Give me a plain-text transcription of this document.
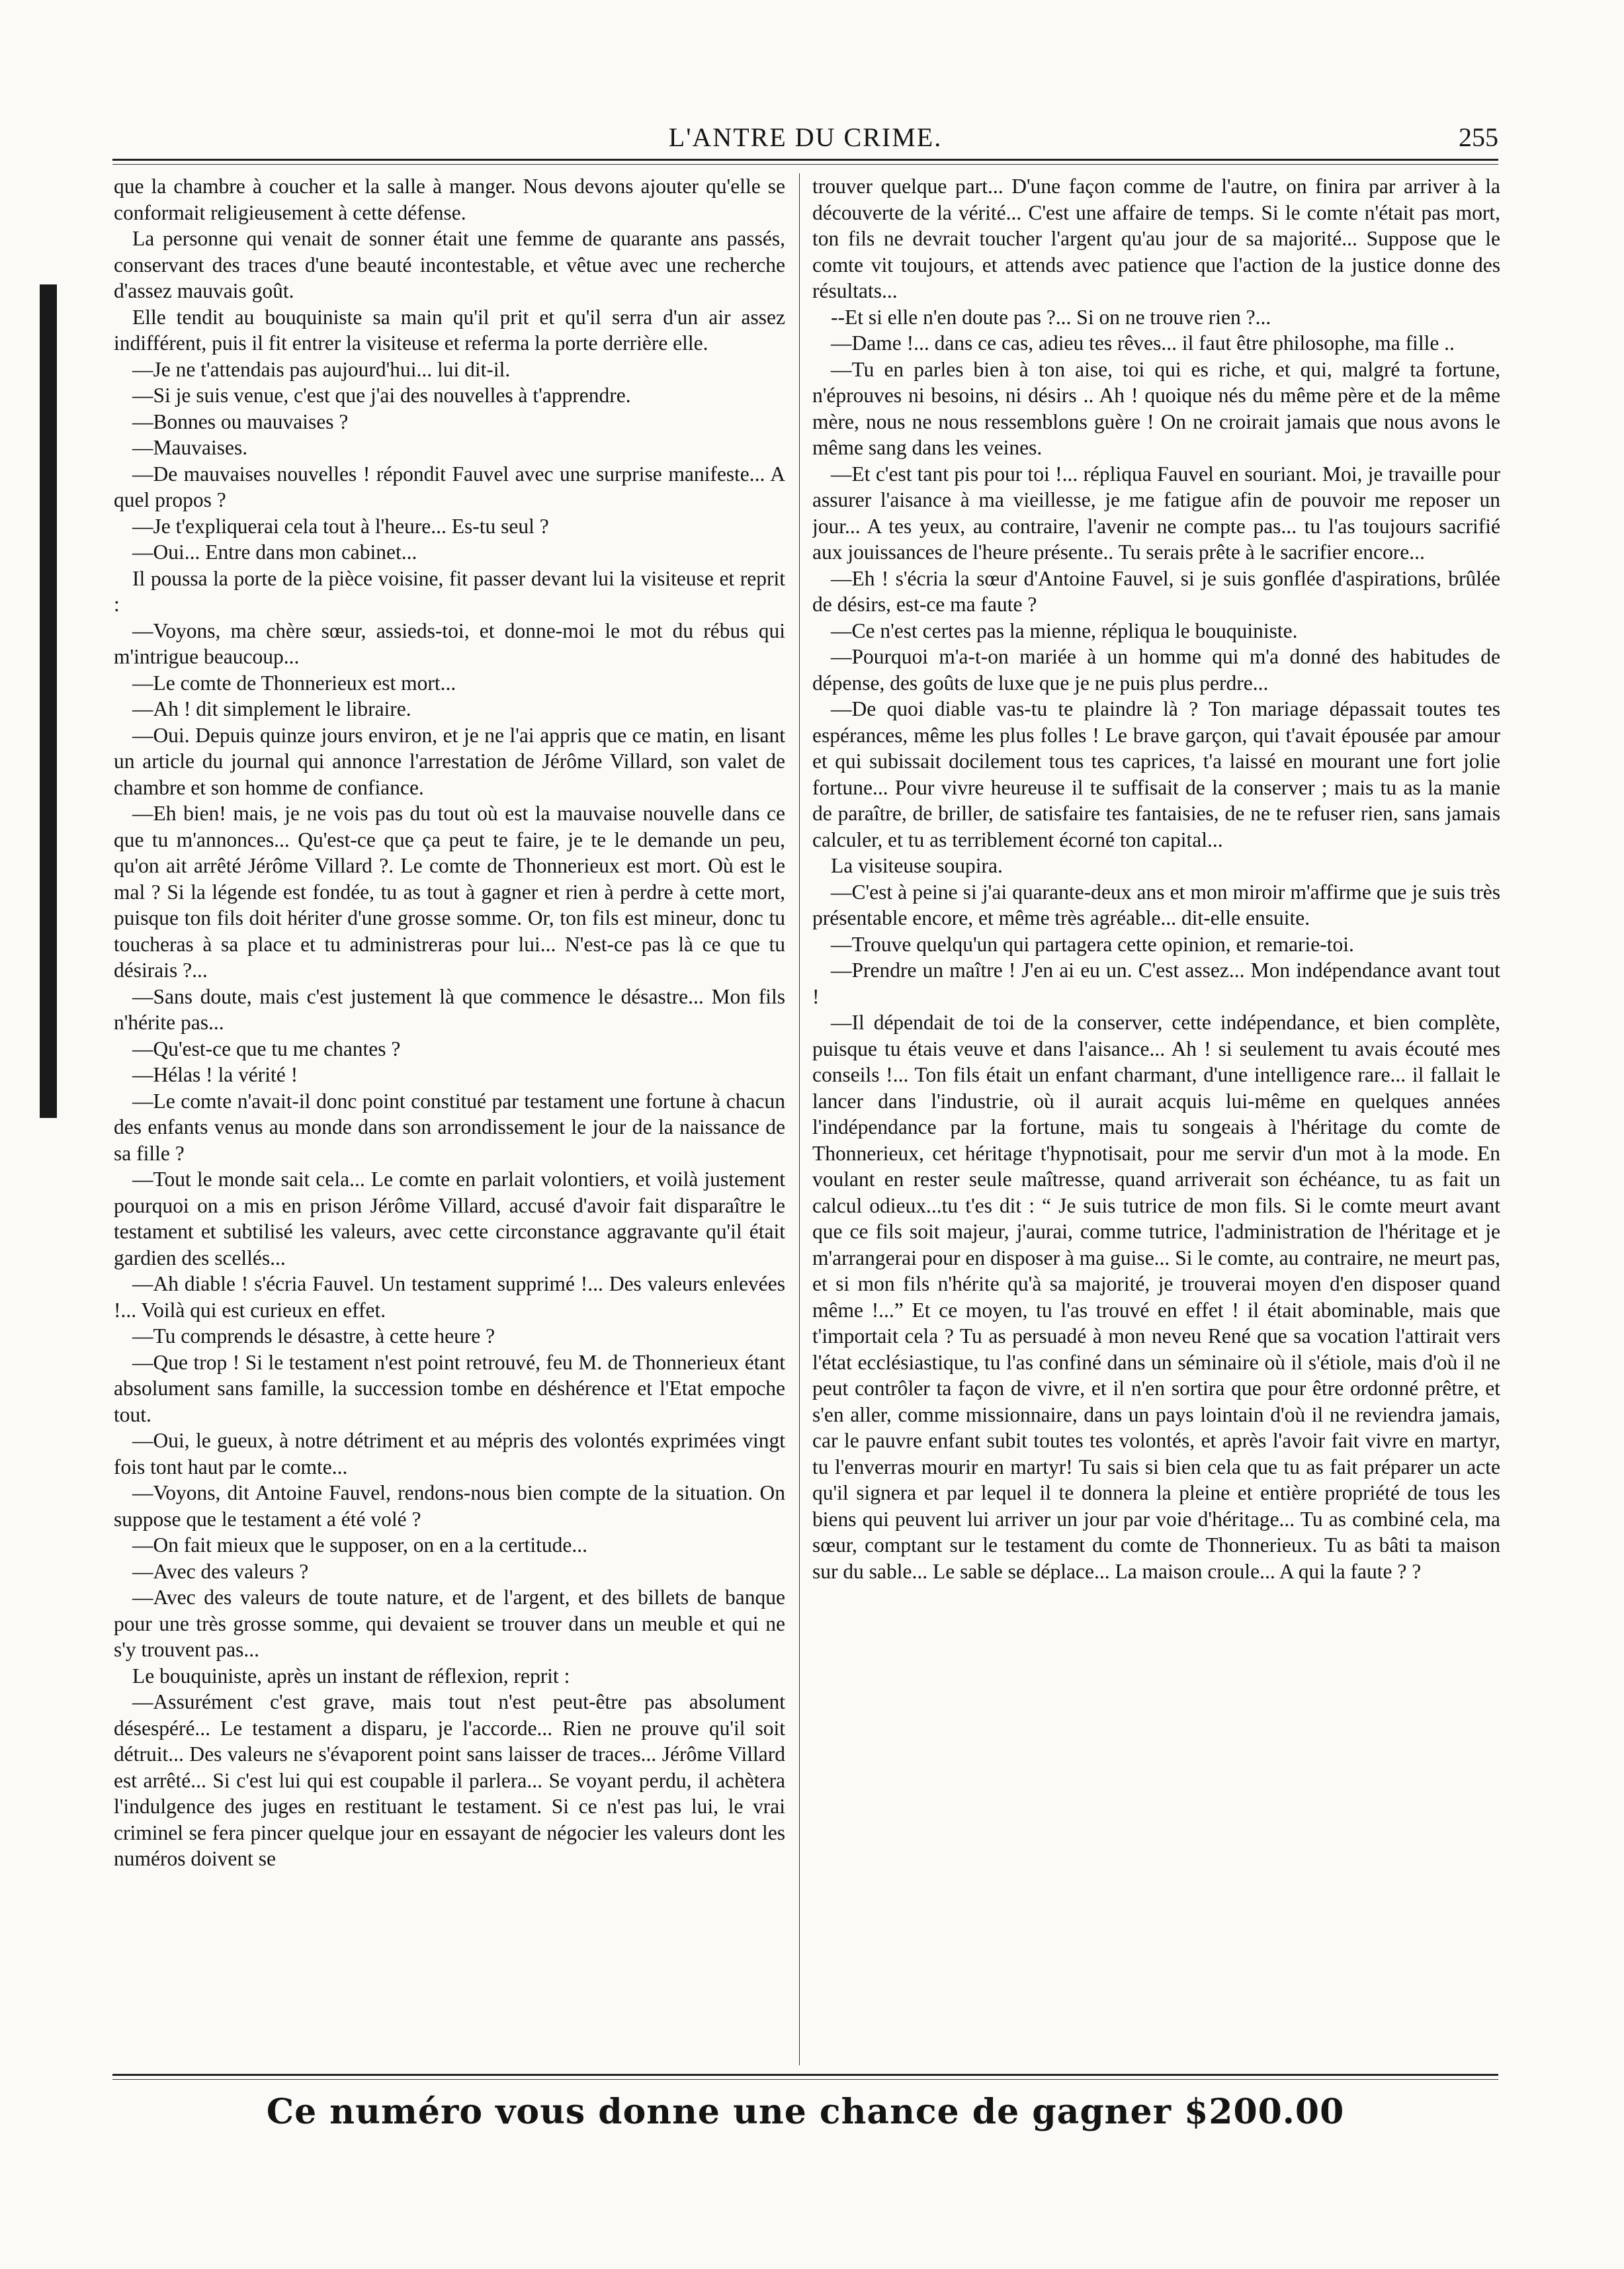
L'ANTRE DU CRIME.	255

que la chambre à coucher et la salle à manger. Nous devons ajouter qu'elle se conformait religieusement à cette défense.

La personne qui venait de sonner était une femme de quarante ans passés, conservant des traces d'une beauté incontestable, et vêtue avec une recherche d'assez mauvais goût.

Elle tendit au bouquiniste sa main qu'il prit et qu'il serra d'un air assez indifférent, puis il fit entrer la visiteuse et referma la porte derrière elle.

—Je ne t'attendais pas aujourd'hui... lui dit-il.

—Si je suis venue, c'est que j'ai des nouvelles à t'apprendre.

—Bonnes ou mauvaises ?

—Mauvaises.

—De mauvaises nouvelles ! répondit Fauvel avec une surprise manifeste... A quel propos ?

—Je t'expliquerai cela tout à l'heure... Es-tu seul ?

—Oui... Entre dans mon cabinet...

Il poussa la porte de la pièce voisine, fit passer devant lui la visiteuse et reprit :

—Voyons, ma chère sœur, assieds-toi, et donne-moi le mot du rébus qui m'intrigue beaucoup...

—Le comte de Thonnerieux est mort...

—Ah ! dit simplement le libraire.

—Oui. Depuis quinze jours environ, et je ne l'ai appris que ce matin, en lisant un article du journal qui annonce l'arrestation de Jérôme Villard, son valet de chambre et son homme de confiance.

—Eh bien! mais, je ne vois pas du tout où est la mauvaise nouvelle dans ce que tu m'annonces... Qu'est-ce que ça peut te faire, je te le demande un peu, qu'on ait arrêté Jérôme Villard ?. Le comte de Thonnerieux est mort. Où est le mal ? Si la légende est fondée, tu as tout à gagner et rien à perdre à cette mort, puisque ton fils doit hériter d'une grosse somme. Or, ton fils est mineur, donc tu toucheras à sa place et tu administreras pour lui... N'est-ce pas là ce que tu désirais ?...

—Sans doute, mais c'est justement là que commence le désastre... Mon fils n'hérite pas...

—Qu'est-ce que tu me chantes ?

—Hélas ! la vérité !

—Le comte n'avait-il donc point constitué par testament une fortune à chacun des enfants venus au monde dans son arrondissement le jour de la naissance de sa fille ?

—Tout le monde sait cela... Le comte en parlait volontiers, et voilà justement pourquoi on a mis en prison Jérôme Villard, accusé d'avoir fait disparaître le testament et subtilisé les valeurs, avec cette circonstance aggravante qu'il était gardien des scellés...

—Ah diable ! s'écria Fauvel. Un testament supprimé !... Des valeurs enlevées !... Voilà qui est curieux en effet.

—Tu comprends le désastre, à cette heure ?

—Que trop ! Si le testament n'est point retrouvé, feu M. de Thonnerieux étant absolument sans famille, la succession tombe en déshérence et l'Etat empoche tout.

—Oui, le gueux, à notre détriment et au mépris des volontés exprimées vingt fois tont haut par le comte...

—Voyons, dit Antoine Fauvel, rendons-nous bien compte de la situation. On suppose que le testament a été volé ?

—On fait mieux que le supposer, on en a la certitude...

—Avec des valeurs ?

—Avec des valeurs de toute nature, et de l'argent, et des billets de banque pour une très grosse somme, qui devaient se trouver dans un meuble et qui ne s'y trouvent pas...

Le bouquiniste, après un instant de réflexion, reprit :

—Assurément c'est grave, mais tout n'est peut-être pas absolument désespéré... Le testament a disparu, je l'accorde... Rien ne prouve qu'il soit détruit... Des valeurs ne s'évaporent point sans laisser de traces... Jérôme Villard est arrêté... Si c'est lui qui est coupable il parlera... Se voyant perdu, il achètera l'indulgence des juges en restituant le testament. Si ce n'est pas lui, le vrai criminel se fera pincer quelque jour en essayant de négocier les valeurs dont les numéros doivent se

trouver quelque part... D'une façon comme de l'autre, on finira par arriver à la découverte de la vérité... C'est une affaire de temps. Si le comte n'était pas mort, ton fils ne devrait toucher l'argent qu'au jour de sa majorité... Suppose que le comte vit toujours, et attends avec patience que l'action de la justice donne des résultats...

--Et si elle n'en doute pas ?... Si on ne trouve rien ?...

—Dame !... dans ce cas, adieu tes rêves... il faut être philosophe, ma fille ..

—Tu en parles bien à ton aise, toi qui es riche, et qui, malgré ta fortune, n'éprouves ni besoins, ni désirs .. Ah ! quoique nés du même père et de la même mère, nous ne nous ressemblons guère ! On ne croirait jamais que nous avons le même sang dans les veines.

—Et c'est tant pis pour toi !... répliqua Fauvel en souriant. Moi, je travaille pour assurer l'aisance à ma vieillesse, je me fatigue afin de pouvoir me reposer un jour... A tes yeux, au contraire, l'avenir ne compte pas... tu l'as toujours sacrifié aux jouissances de l'heure présente.. Tu serais prête à le sacrifier encore...

—Eh ! s'écria la sœur d'Antoine Fauvel, si je suis gonflée d'aspirations, brûlée de désirs, est-ce ma faute ?

—Ce n'est certes pas la mienne, répliqua le bouquiniste.

—Pourquoi m'a-t-on mariée à un homme qui m'a donné des habitudes de dépense, des goûts de luxe que je ne puis plus perdre...

—De quoi diable vas-tu te plaindre là ? Ton mariage dépassait toutes tes espérances, même les plus folles ! Le brave garçon, qui t'avait épousée par amour et qui subissait docilement tous tes caprices, t'a laissé en mourant une fort jolie fortune... Pour vivre heureuse il te suffisait de la conserver ; mais tu as la manie de paraître, de briller, de satisfaire tes fantaisies, de ne te refuser rien, sans jamais calculer, et tu as terriblement écorné ton capital...

La visiteuse soupira.

—C'est à peine si j'ai quarante-deux ans et mon miroir m'affirme que je suis très présentable encore, et même très agréable... dit-elle ensuite.

—Trouve quelqu'un qui partagera cette opinion, et remarie-toi.

—Prendre un maître ! J'en ai eu un. C'est assez... Mon indépendance avant tout !

—Il dépendait de toi de la conserver, cette indépendance, et bien complète, puisque tu étais veuve et dans l'aisance... Ah ! si seulement tu avais écouté mes conseils !... Ton fils était un enfant charmant, d'une intelligence rare... il fallait le lancer dans l'industrie, où il aurait acquis lui-même en quelques années l'indépendance par la fortune, mais tu songeais à l'héritage du comte de Thonnerieux, cet héritage t'hypnotisait, pour me servir d'un mot à la mode. En voulant en rester seule maîtresse, quand arriverait son échéance, tu as fait un calcul odieux...tu t'es dit : “ Je suis tutrice de mon fils. Si le comte meurt avant que ce fils soit majeur, j'aurai, comme tutrice, l'administration de l'héritage et je m'arrangerai pour en disposer à ma guise... Si le comte, au contraire, ne meurt pas, et si mon fils n'hérite qu'à sa majorité, je trouverai moyen d'en disposer quand même !...” Et ce moyen, tu l'as trouvé en effet ! il était abominable, mais que t'importait cela ? Tu as persuadé à mon neveu René que sa vocation l'attirait vers l'état ecclésiastique, tu l'as confiné dans un séminaire où il s'étiole, mais d'où il ne peut contrôler ta façon de vivre, et il n'en sortira que pour être ordonné prêtre, et s'en aller, comme missionnaire, dans un pays lointain d'où il ne reviendra jamais, car le pauvre enfant subit toutes tes volontés, et après l'avoir fait vivre en martyr, tu l'enverras mourir en martyr! Tu sais si bien cela que tu as fait préparer un acte qu'il signera et par lequel il te donnera la pleine et entière propriété de tous les biens qui peuvent lui arriver un jour par voie d'héritage... Tu as combiné cela, ma sœur, comptant sur le testament du comte de Thonnerieux. Tu as bâti ta maison sur du sable... Le sable se déplace... La maison croule... A qui la faute ? ?

Ce numéro vous donne une chance de gagner $200.00
